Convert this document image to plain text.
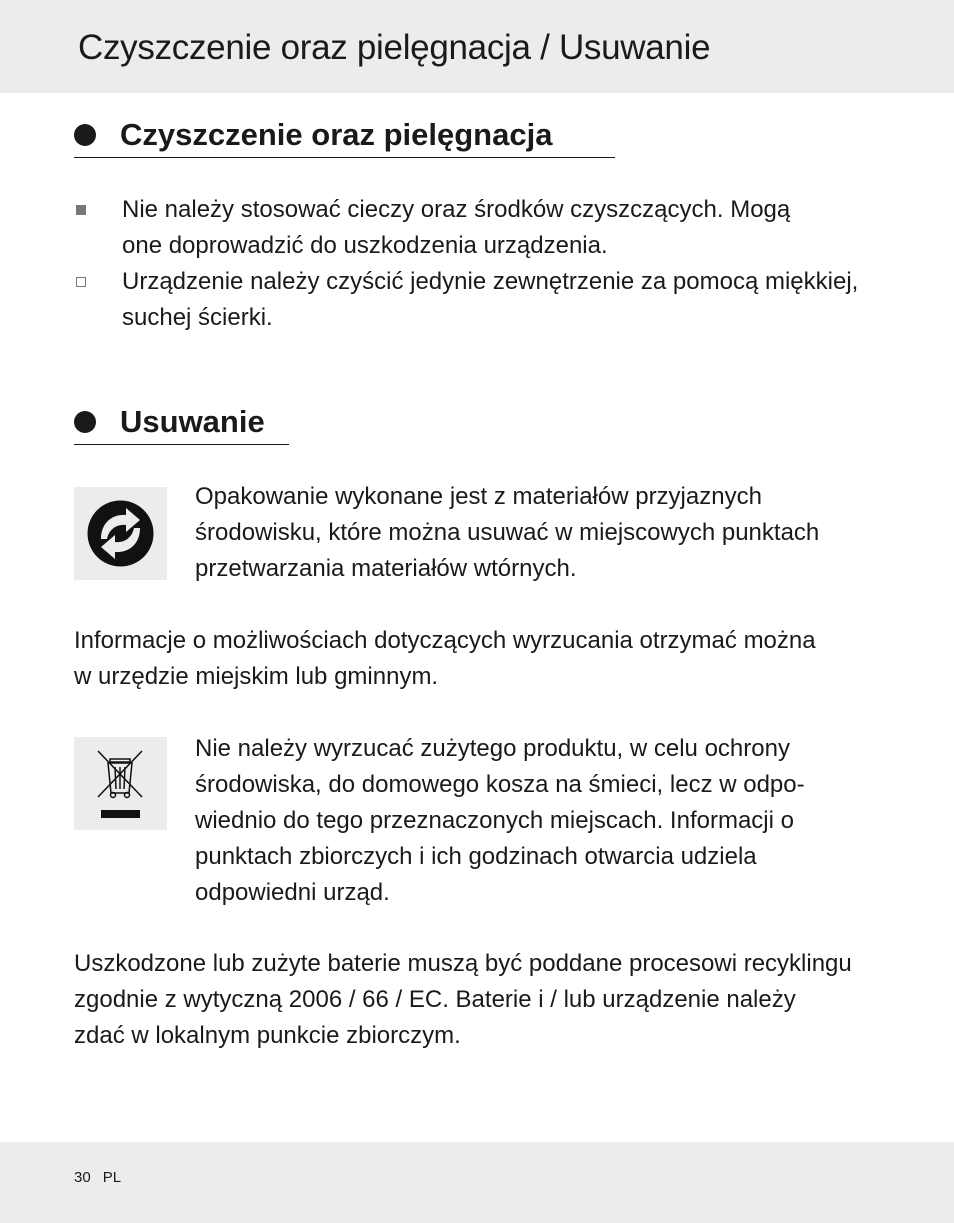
Czyszczenie oraz pielęgnacja / Usuwanie
Czyszczenie oraz pielęgnacja
Nie należy stosować cieczy oraz środków czyszczących. Mogą
one doprowadzić do uszkodzenia urządzenia.
Urządzenie należy czyścić jedynie zewnętrzenie za pomocą miękkiej,
suchej ścierki.
Usuwanie

Opakowanie wykonane jest z materiałów przyjaznych
środowisku, które można usuwać w miejscowych punktach
przetwarzania materiałów wtórnych.

Informacje o możliwościach dotyczących wyrzucania otrzymać można
w urzędzie miejskim lub gminnym.

Nie należy wyrzucać zużytego produktu, w celu ochrony
środowiska, do domowego kosza na śmieci, lecz w odpo-
wiednio do tego przeznaczonych miejscach. Informacji o
punktach zbiorczych i ich godzinach otwarcia udziela
odpowiedni urząd.

Uszkodzone lub zużyte baterie muszą być poddane procesowi recyklingu
zgodnie z wytyczną 2006 / 66 / EC. Baterie i / lub urządzenie należy
zdać w lokalnym punkcie zbiorczym.

30 PL
